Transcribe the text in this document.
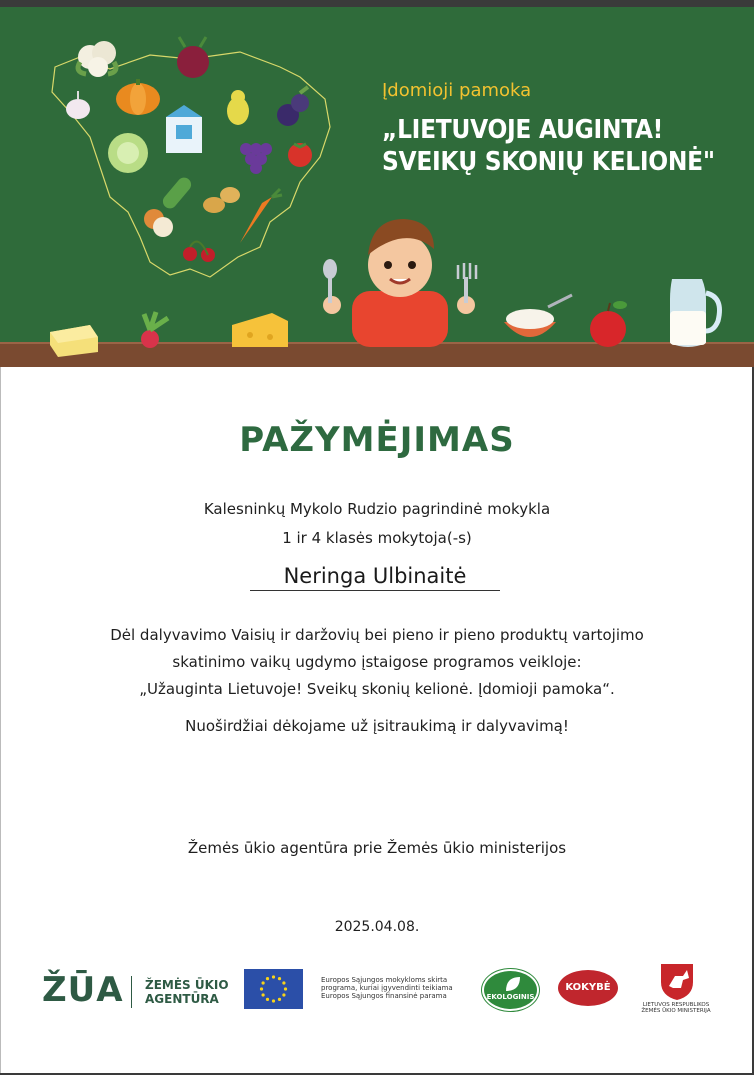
Įdomioji pamoka
„LIETUVOJE AUGINTA!
SVEIKŲ SKONIŲ KELIONĖ"
PAŽYMĖJIMAS
Kalesninkų Mykolo Rudzio pagrindinė mokykla
1 ir 4 klasės mokytoja(-s)
Neringa Ulbinaitė
Dėl dalyvavimo Vaisių ir daržovių bei pieno ir pieno produktų vartojimo
skatinimo vaikų ugdymo įstaigose programos veikloje:
„Užauginta Lietuvoje! Sveikų skonių kelionė. Įdomioji pamoka“.
Nuoširdžiai dėkojame už įsitraukimą ir dalyvavimą!
Žemės ūkio agentūra prie Žemės ūkio ministerijos
2025.04.08.
ŽŪA ŽEMĖS ŪKIO
AGENTŪRA
Europos Sąjungos mokykloms skirta programa, kuriai įgyvendinti teikiama Europos Sąjungos finansinė parama	EKOLOGINIS
KOKYBĖ
LIETUVOS RESPUBLIKOS
ŽEMĖS ŪKIO MINISTERIJA
